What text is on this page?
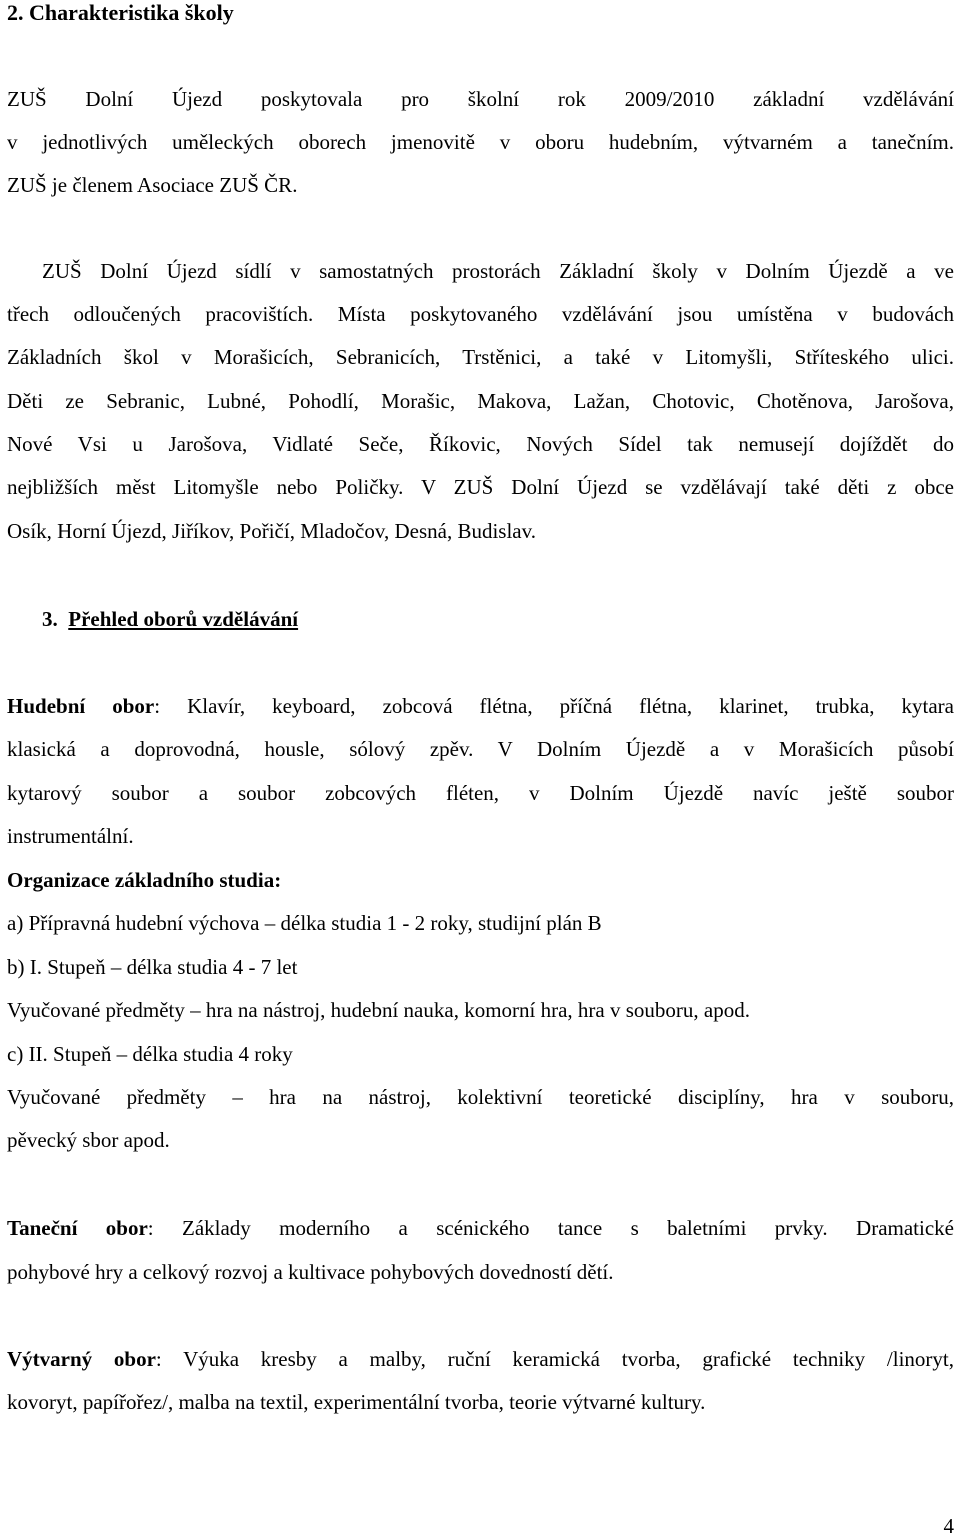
2. Charakteristika školy
ZUŠ Dolní Újezd poskytovala pro školní rok 2009/2010 základní vzdělávání
v jednotlivých uměleckých oborech jmenovitě v oboru hudebním, výtvarném a tanečním.
ZUŠ je členem Asociace ZUŠ ČR.
ZUŠ Dolní Újezd sídlí v samostatných prostorách Základní školy v Dolním Újezdě a ve
třech odloučených pracovištích. Místa poskytovaného vzdělávání jsou umístěna v budovách
Základních škol v Morašicích, Sebranicích, Trstěnici, a také v Litomyšli, Stříteského ulici.
Děti ze Sebranic, Lubné, Pohodlí, Morašic, Makova, Lažan, Chotovic, Chotěnova, Jarošova,
Nové Vsi u Jarošova, Vidlaté Seče, Říkovic, Nových Sídel tak nemusejí dojíždět do
nejbližších měst Litomyšle nebo Poličky. V ZUŠ Dolní Újezd se vzdělávají také děti z obce
Osík, Horní Újezd, Jiříkov, Pořičí, Mladočov, Desná, Budislav.
3. Přehled oborů vzdělávání
Hudební obor: Klavír, keyboard, zobcová flétna, příčná flétna, klarinet, trubka, kytara
klasická a doprovodná, housle, sólový zpěv. V Dolním Újezdě a v Morašicích působí
kytarový soubor a soubor zobcových fléten, v Dolním Újezdě navíc ještě soubor
instrumentální.
Organizace základního studia:
a) Přípravná hudební výchova – délka studia 1 - 2 roky, studijní plán B
b) I. Stupeň – délka studia 4 - 7 let
Vyučované předměty – hra na nástroj, hudební nauka, komorní hra, hra v souboru, apod.
c) II. Stupeň – délka studia 4 roky
Vyučované předměty – hra na nástroj, kolektivní teoretické disciplíny, hra v souboru,
pěvecký sbor apod.
Taneční obor: Základy moderního a scénického tance s baletními prvky. Dramatické
pohybové hry a celkový rozvoj a kultivace pohybových dovedností dětí.
Výtvarný obor: Výuka kresby a malby, ruční keramická tvorba, grafické techniky /linoryt,
kovoryt, papířořez/, malba na textil, experimentální tvorba, teorie výtvarné kultury.
4
